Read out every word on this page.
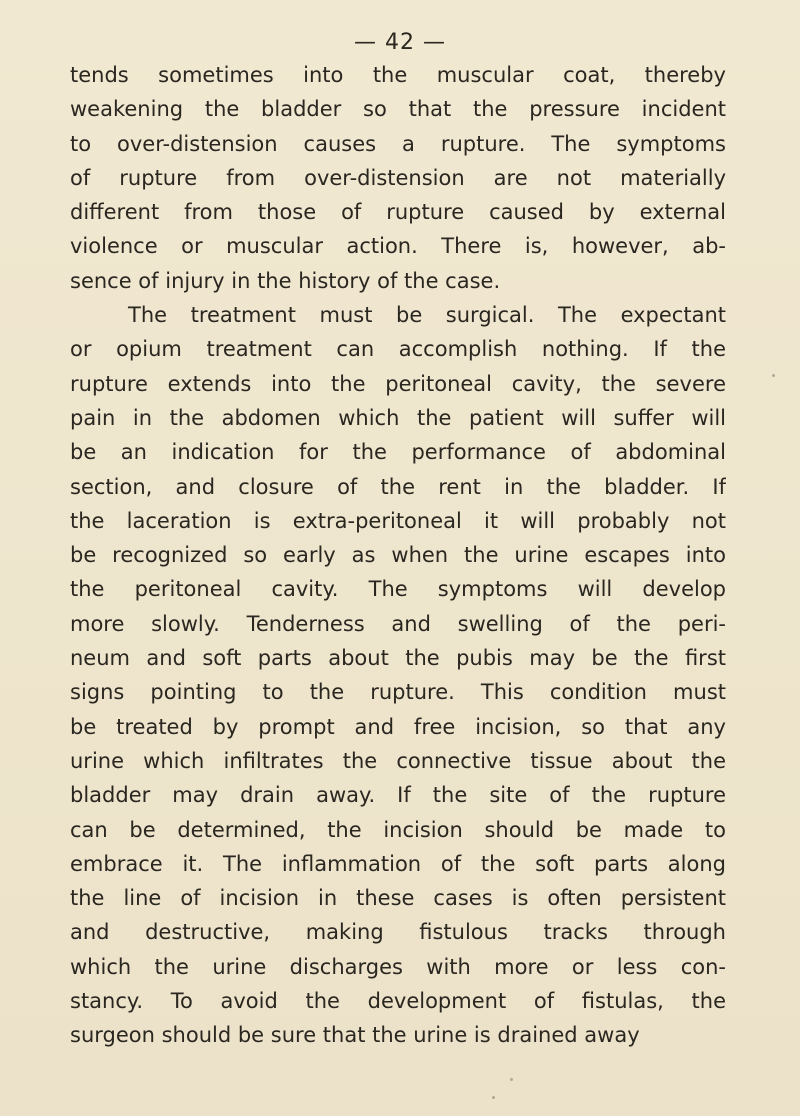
— 42 —
tends sometimes into the muscular coat, thereby
weakening the bladder so that the pressure incident
to over-distension causes a rupture. The symptoms
of rupture from over-distension are not materially
different from those of rupture caused by external
violence or muscular action. There is, however, ab-
sence of injury in the history of the case.
The treatment must be surgical. The expectant
or opium treatment can accomplish nothing. If the
rupture extends into the peritoneal cavity, the severe
pain in the abdomen which the patient will suffer will
be an indication for the performance of abdominal
section, and closure of the rent in the bladder. If
the laceration is extra-peritoneal it will probably not
be recognized so early as when the urine escapes into
the peritoneal cavity. The symptoms will develop
more slowly. Tenderness and swelling of the peri-
neum and soft parts about the pubis may be the first
signs pointing to the rupture. This condition must
be treated by prompt and free incision, so that any
urine which infiltrates the connective tissue about the
bladder may drain away. If the site of the rupture
can be determined, the incision should be made to
embrace it. The inflammation of the soft parts along
the line of incision in these cases is often persistent
and destructive, making fistulous tracks through
which the urine discharges with more or less con-
stancy. To avoid the development of fistulas, the
surgeon should be sure that the urine is drained away
